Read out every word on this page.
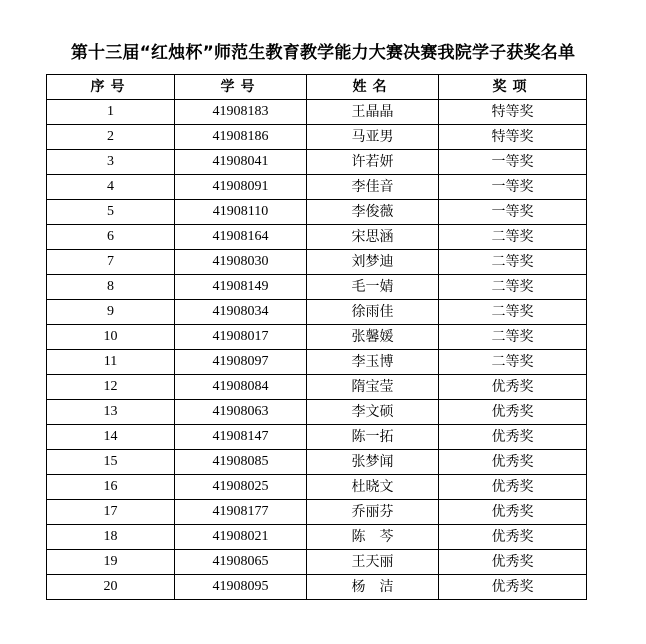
第十三届“红烛杯”师范生教育教学能力大赛决赛我院学子获奖名单
序号	学号	姓名	奖项
1	41908183	王晶晶	特等奖
2	41908186	马亚男	特等奖
3	41908041	许若妍	一等奖
4	41908091	李佳音	一等奖
5	41908110	李俊薇	一等奖
6	41908164	宋思涵	二等奖
7	41908030	刘梦迪	二等奖
8	41908149	毛一婧	二等奖
9	41908034	徐雨佳	二等奖
10	41908017	张馨媛	二等奖
11	41908097	李玉博	二等奖
12	41908084	隋宝莹	优秀奖
13	41908063	李文硕	优秀奖
14	41908147	陈一拓	优秀奖
15	41908085	张梦闻	优秀奖
16	41908025	杜晓文	优秀奖
17	41908177	乔丽芬	优秀奖
18	41908021	陈　芩	优秀奖
19	41908065	王天丽	优秀奖
20	41908095	杨　洁	优秀奖
